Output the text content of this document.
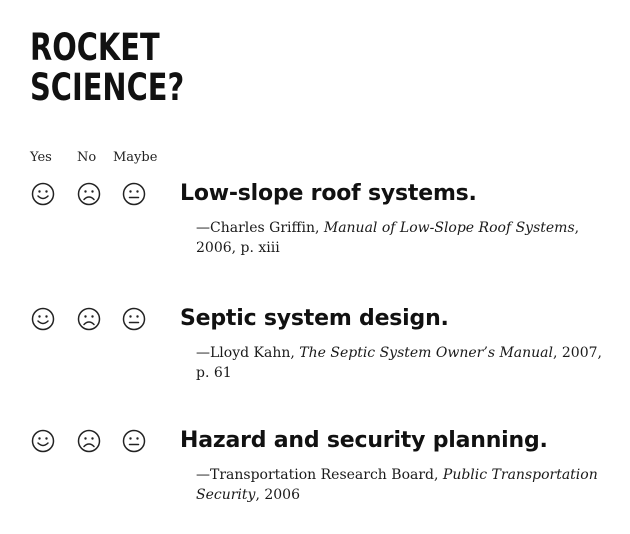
ROCKET
SCIENCE?
Yes No Maybe
Low-slope roof systems.
—Charles Griffin, Manual of Low-Slope Roof Systems, 2006, p. xiii
Septic system design.
—Lloyd Kahn, The Septic System Owner’s Manual, 2007, p. 61
Hazard and security planning.
—Transportation Research Board, Public Transportation Security, 2006
